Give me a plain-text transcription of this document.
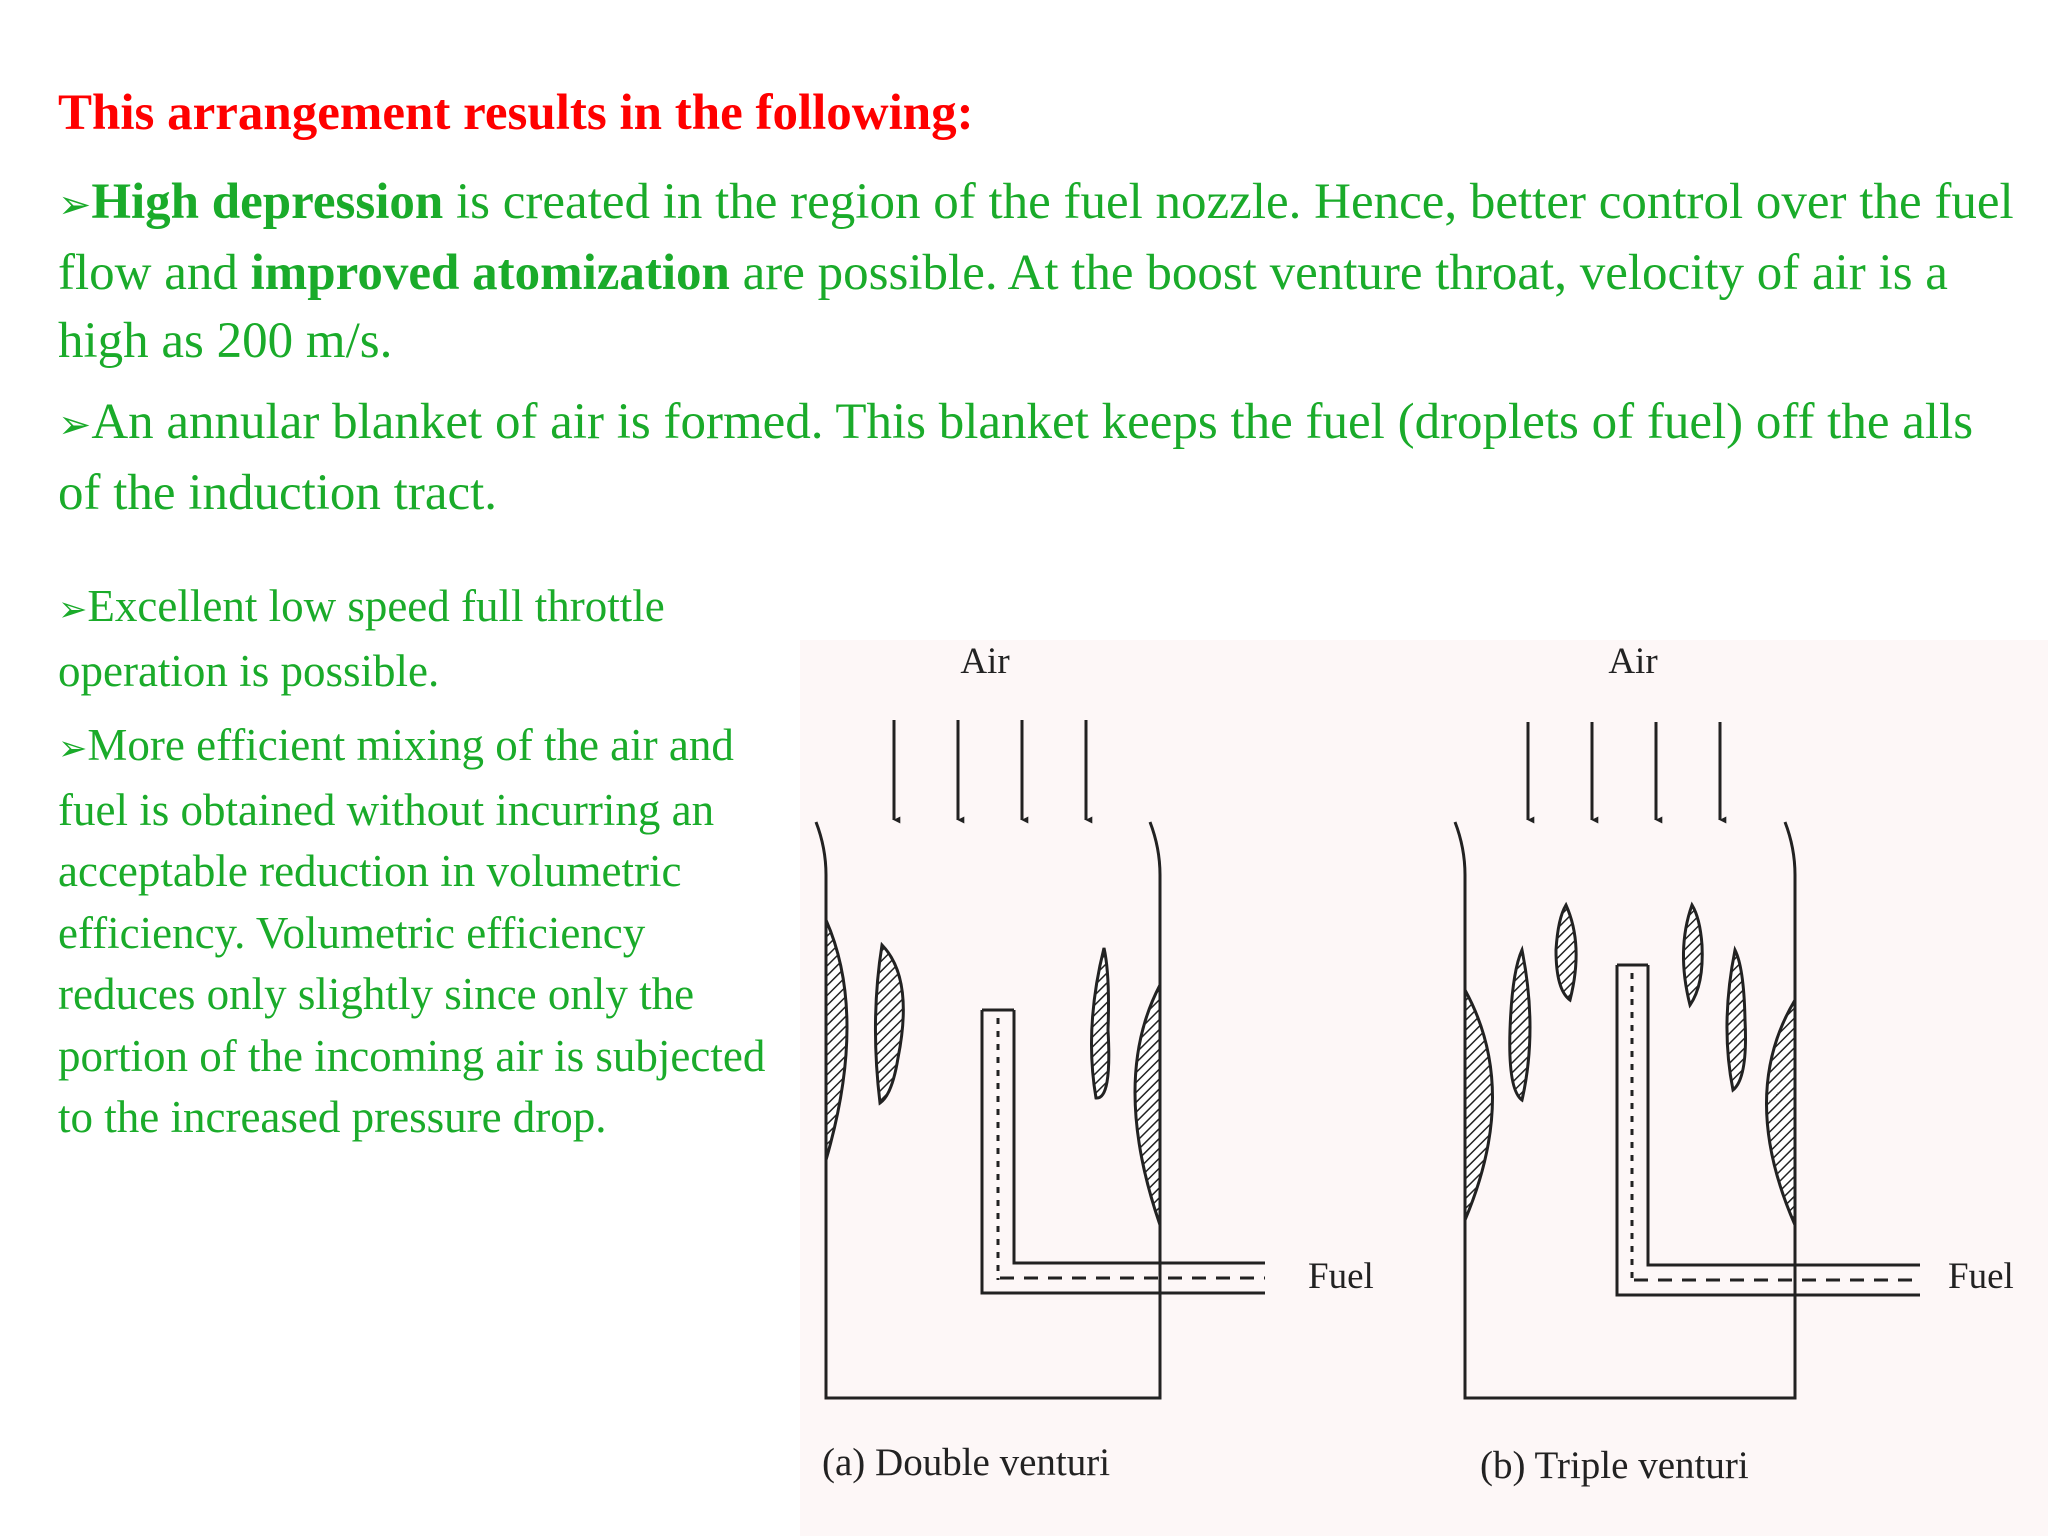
This arrangement results in the following:
➢High depression is created in the region of the fuel nozzle. Hence, better control over the fuel flow and improved atomization are possible. At the boost venture throat, velocity of air is a high as 200 m/s.
➢An annular blanket of air is formed. This blanket keeps the fuel (droplets of fuel) off the alls of the induction tract.
➢Excellent low speed full throttle operation is possible.
➢More efficient mixing of the air and fuel is obtained without incurring an acceptable reduction in volumetric efficiency. Volumetric efficiency reduces only slightly since only the portion of the incoming air is subjected to the increased pressure drop.
Air
Fuel
(a) Double venturi
Air
Fuel
(b) Triple venturi
